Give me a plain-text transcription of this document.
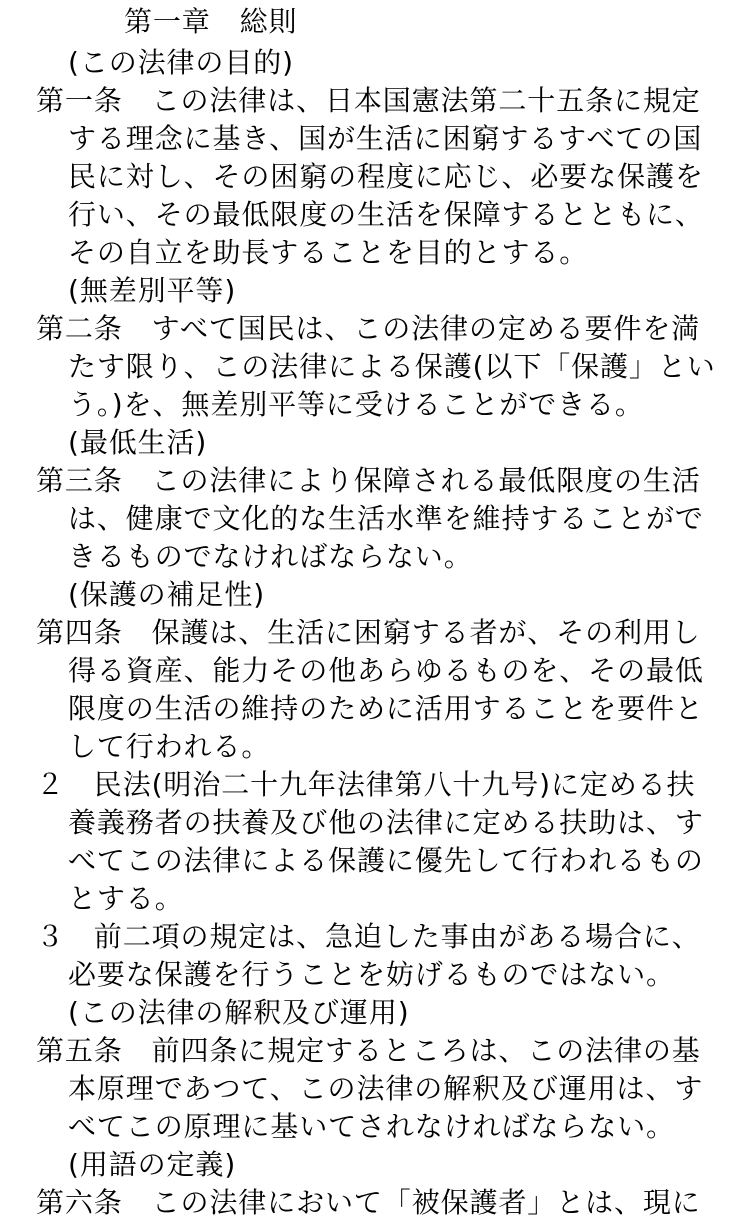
第一章　総則
(この法律の目的)
第一条　この法律は、日本国憲法第二十五条に規定
する理念に基き、国が生活に困窮するすべての国
民に対し、その困窮の程度に応じ、必要な保護を
行い、その最低限度の生活を保障するとともに、
その自立を助長することを目的とする。
(無差別平等)
第二条　すべて国民は、この法律の定める要件を満
たす限り、この法律による保護(以下「保護」とい
う。)を、無差別平等に受けることができる。
(最低生活)
第三条　この法律により保障される最低限度の生活
は、健康で文化的な生活水準を維持することがで
きるものでなければならない。
(保護の補足性)
第四条　保護は、生活に困窮する者が、その利用し
得る資産、能力その他あらゆるものを、その最低
限度の生活の維持のために活用することを要件と
して行われる。
２　民法(明治二十九年法律第八十九号)に定める扶
養義務者の扶養及び他の法律に定める扶助は、す
べてこの法律による保護に優先して行われるもの
とする。
３　前二項の規定は、急迫した事由がある場合に、
必要な保護を行うことを妨げるものではない。
(この法律の解釈及び運用)
第五条　前四条に規定するところは、この法律の基
本原理であつて、この法律の解釈及び運用は、す
べてこの原理に基いてされなければならない。
(用語の定義)
第六条　この法律において「被保護者」とは、現に
